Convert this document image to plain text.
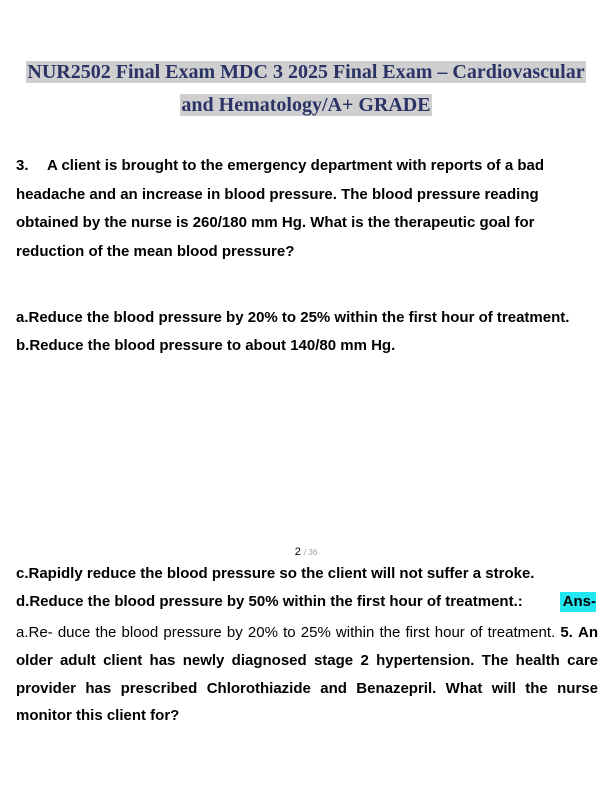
NUR2502 Final Exam MDC 3 2025 Final Exam – Cardiovascular
and Hematology/A+ GRADE
3. A client is brought to the emergency department with reports of a bad headache and an increase in blood pressure. The blood pressure reading obtained by the nurse is 260/180 mm Hg. What is the therapeutic goal for reduction of the mean blood pressure?
a.Reduce the blood pressure by 20% to 25% within the first hour of treatment.
b.Reduce the blood pressure to about 140/80 mm Hg.
2 / 36
c.Rapidly reduce the blood pressure so the client will not suffer a stroke.
d.Reduce the blood pressure by 50% within the first hour of treatment.:	Ans-
a.Re- duce the blood pressure by 20% to 25% within the first hour of treatment. 5. An older adult client has newly diagnosed stage 2 hypertension. The health care provider has prescribed Chlorothiazide and Benazepril. What will the nurse monitor this client for?
